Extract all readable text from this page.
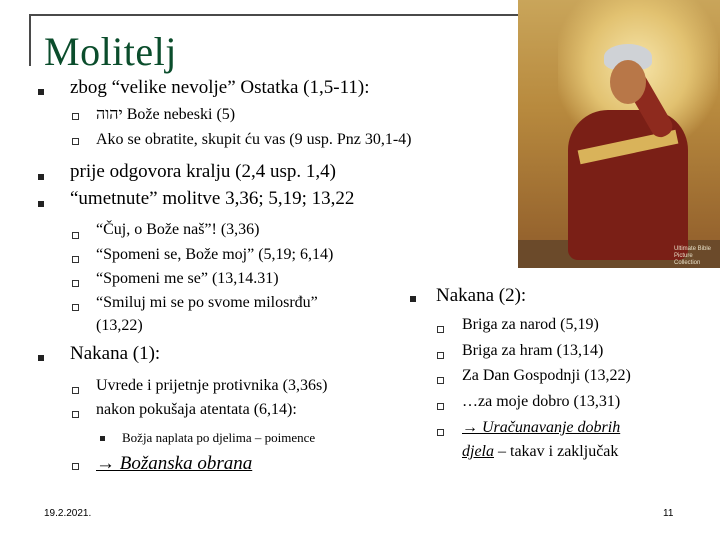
Ultimate Bible Picture Collection
Molitelj
zbog “velike nevolje” Ostatka (1,5-11):
יהוה Bože nebeski (5)
Ako se obratite, skupit ću vas (9 usp. Pnz 30,1-4)
prije odgovora kralju (2,4 usp. 1,4)
“umetnute” molitve 3,36; 5,19; 13,22
“Čuj, o Bože naš”! (3,36)
“Spomeni se, Bože moj” (5,19; 6,14)
“Spomeni me se” (13,14.31)
“Smiluj mi se po svome milosrđu”
(13,22)
Nakana (1):
Uvrede i prijetnje protivnika (3,36s)
nakon pokušaja atentata (6,14):
Božja naplata po djelima – poimence
→ Božanska obrana
Nakana (2):
Briga za narod (5,19)
Briga za hram (13,14)
Za Dan Gospodnji (13,22)
…za moje dobro (13,31)
→ Uračunavanje dobrih
djela – takav i zaključak
19.2.2021.	11
